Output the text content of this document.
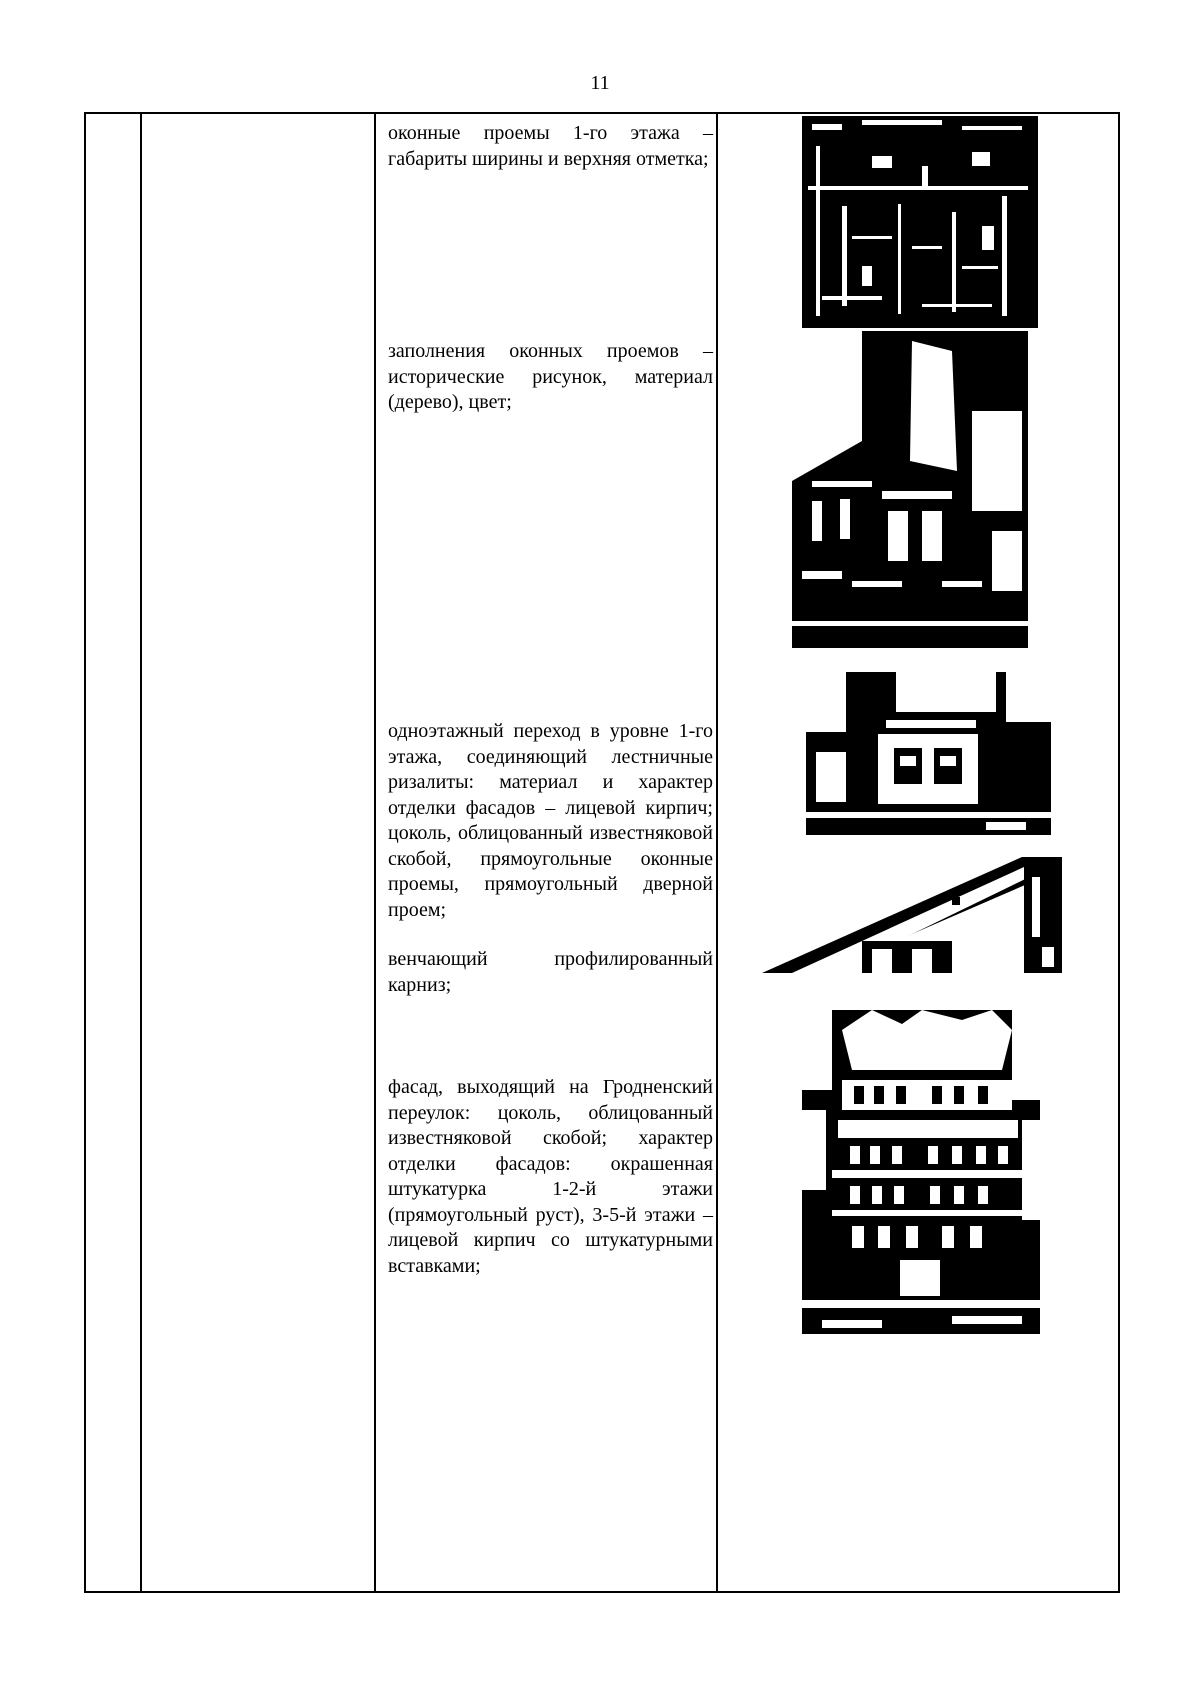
11

оконные проемы 1-го этажа – габариты ширины и верхняя отметка;

заполнения оконных проемов – исторические рисунок, материал (дерево), цвет;

одноэтажный переход в уровне 1-го этажа, соединяющий лестничные ризалиты: материал и характер отделки фасадов – лицевой кирпич; цоколь, облицованный известняковой скобой, прямоугольные оконные проемы, прямоугольный дверной проем;

венчающий профилированный карниз;

фасад, выходящий на Гродненский переулок: цоколь, облицованный известняковой скобой; характер отделки фасадов: окрашенная штукатурка 1-2-й этажи (прямоугольный руст), 3-5-й этажи – лицевой кирпич со штукатурными вставками;
